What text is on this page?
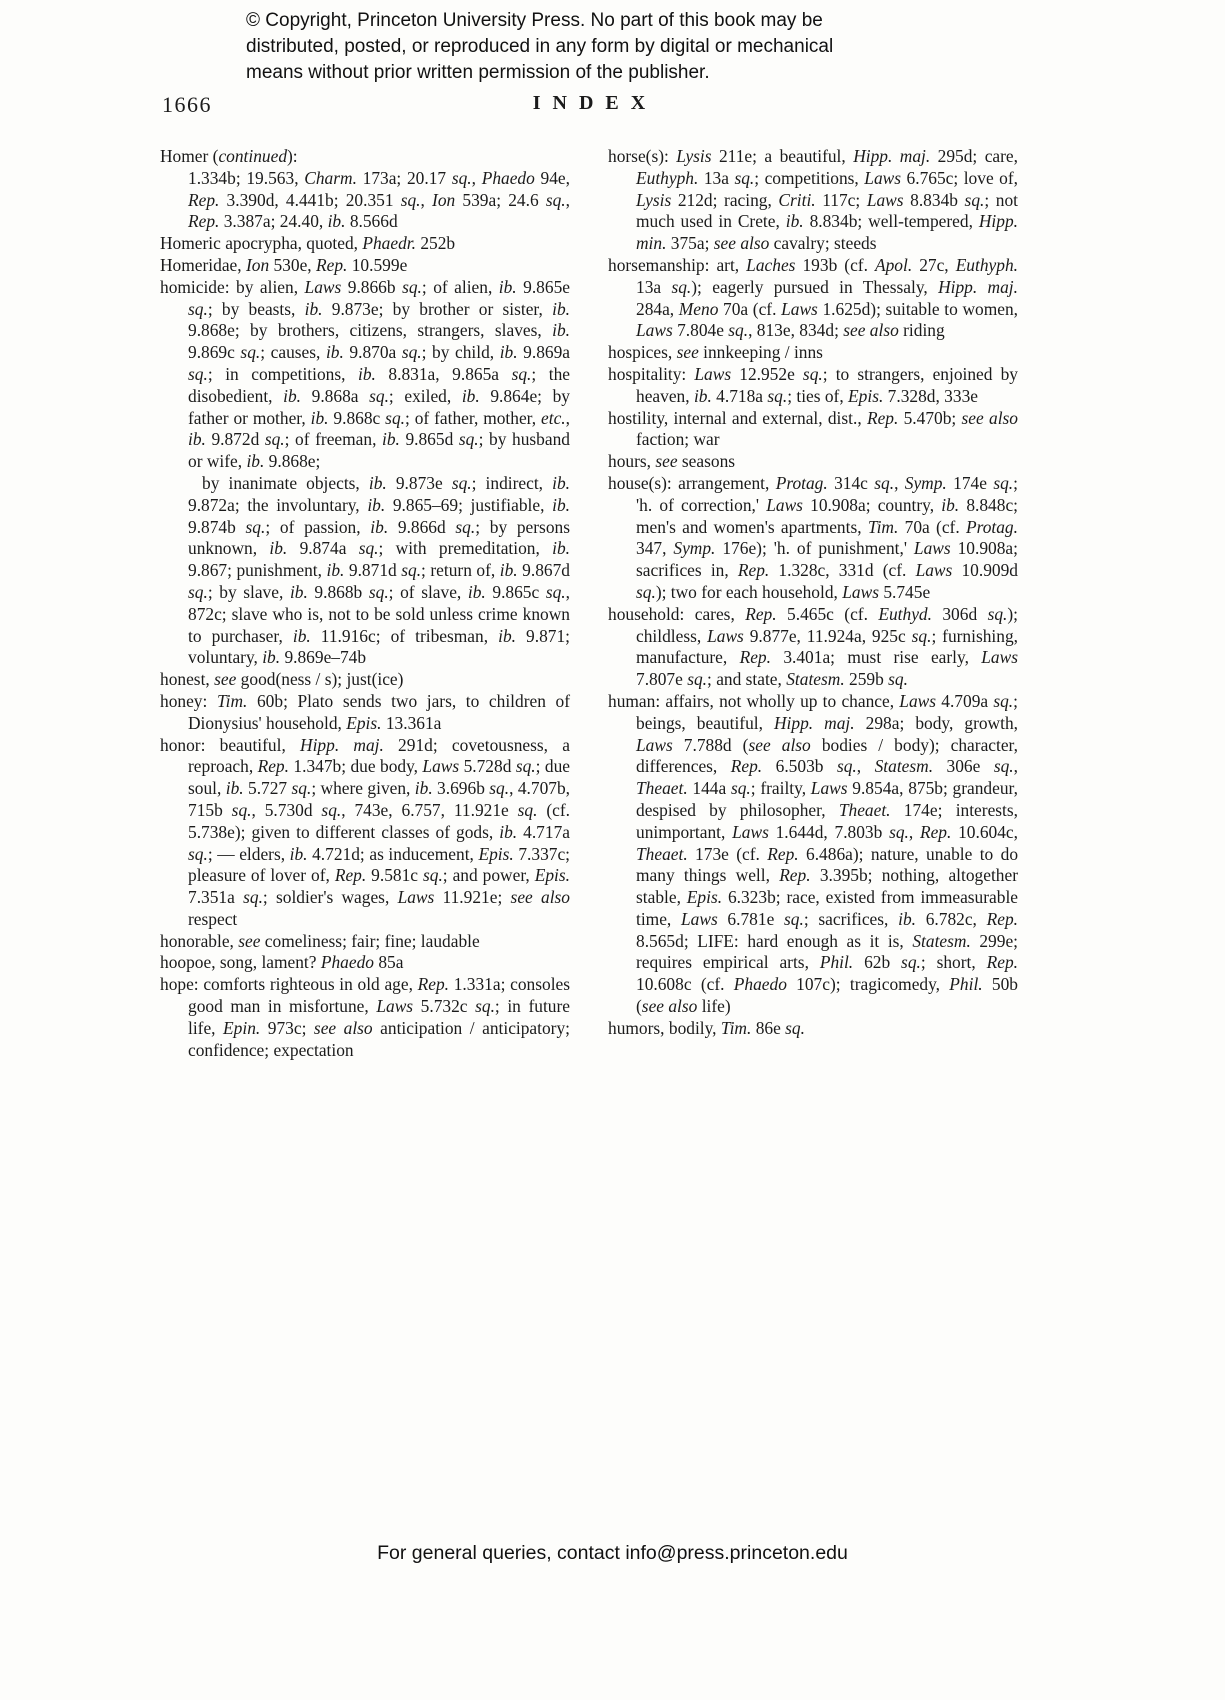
© Copyright, Princeton University Press. No part of this book may be
distributed, posted, or reproduced in any form by digital or mechanical
means without prior written permission of the publisher.
1666	INDEX

Homer (continued):

1.334b; 19.563, Charm. 173a; 20.17 sq., Phaedo 94e, Rep. 3.390d, 4.441b; 20.351 sq., Ion 539a; 24.6 sq., Rep. 3.387a; 24.40, ib. 8.566d

Homeric apocrypha, quoted, Phaedr. 252b

Homeridae, Ion 530e, Rep. 10.599e

homicide: by alien, Laws 9.866b sq.; of alien, ib. 9.865e sq.; by beasts, ib. 9.873e; by brother or sister, ib. 9.868e; by brothers, citizens, strangers, slaves, ib. 9.869c sq.; causes, ib. 9.870a sq.; by child, ib. 9.869a sq.; in competitions, ib. 8.831a, 9.865a sq.; the disobedient, ib. 9.868a sq.; exiled, ib. 9.864e; by father or mother, ib. 9.868c sq.; of father, mother, etc., ib. 9.872d sq.; of freeman, ib. 9.865d sq.; by husband or wife, ib. 9.868e;

by inanimate objects, ib. 9.873e sq.; indirect, ib. 9.872a; the involuntary, ib. 9.865–69; justifiable, ib. 9.874b sq.; of passion, ib. 9.866d sq.; by persons unknown, ib. 9.874a sq.; with premeditation, ib. 9.867; punishment, ib. 9.871d sq.; return of, ib. 9.867d sq.; by slave, ib. 9.868b sq.; of slave, ib. 9.865c sq., 872c; slave who is, not to be sold unless crime known to purchaser, ib. 11.916c; of tribesman, ib. 9.871; voluntary, ib. 9.869e–74b

honest, see good(ness / s); just(ice)

honey: Tim. 60b; Plato sends two jars, to children of Dionysius' household, Epis. 13.361a

honor: beautiful, Hipp. maj. 291d; covetousness, a reproach, Rep. 1.347b; due body, Laws 5.728d sq.; due soul, ib. 5.727 sq.; where given, ib. 3.696b sq., 4.707b, 715b sq., 5.730d sq., 743e, 6.757, 11.921e sq. (cf. 5.738e); given to different classes of gods, ib. 4.717a sq.; — elders, ib. 4.721d; as inducement, Epis. 7.337c; pleasure of lover of, Rep. 9.581c sq.; and power, Epis. 7.351a sq.; soldier's wages, Laws 11.921e; see also respect

honorable, see comeliness; fair; fine; laudable

hoopoe, song, lament? Phaedo 85a

hope: comforts righteous in old age, Rep. 1.331a; consoles good man in misfortune, Laws 5.732c sq.; in future life, Epin. 973c; see also anticipation / anticipatory; confidence; expectation

horse(s): Lysis 211e; a beautiful, Hipp. maj. 295d; care, Euthyph. 13a sq.; competitions, Laws 6.765c; love of, Lysis 212d; racing, Criti. 117c; Laws 8.834b sq.; not much used in Crete, ib. 8.834b; well-tempered, Hipp. min. 375a; see also cavalry; steeds

horsemanship: art, Laches 193b (cf. Apol. 27c, Euthyph. 13a sq.); eagerly pursued in Thessaly, Hipp. maj. 284a, Meno 70a (cf. Laws 1.625d); suitable to women, Laws 7.804e sq., 813e, 834d; see also riding

hospices, see innkeeping / inns

hospitality: Laws 12.952e sq.; to strangers, enjoined by heaven, ib. 4.718a sq.; ties of, Epis. 7.328d, 333e

hostility, internal and external, dist., Rep. 5.470b; see also faction; war

hours, see seasons

house(s): arrangement, Protag. 314c sq., Symp. 174e sq.; 'h. of correction,' Laws 10.908a; country, ib. 8.848c; men's and women's apartments, Tim. 70a (cf. Protag. 347, Symp. 176e); 'h. of punishment,' Laws 10.908a; sacrifices in, Rep. 1.328c, 331d (cf. Laws 10.909d sq.); two for each household, Laws 5.745e

household: cares, Rep. 5.465c (cf. Euthyd. 306d sq.); childless, Laws 9.877e, 11.924a, 925c sq.; furnishing, manufacture, Rep. 3.401a; must rise early, Laws 7.807e sq.; and state, Statesm. 259b sq.

human: affairs, not wholly up to chance, Laws 4.709a sq.; beings, beautiful, Hipp. maj. 298a; body, growth, Laws 7.788d (see also bodies / body); character, differences, Rep. 6.503b sq., Statesm. 306e sq., Theaet. 144a sq.; frailty, Laws 9.854a, 875b; grandeur, despised by philosopher, Theaet. 174e; interests, unimportant, Laws 1.644d, 7.803b sq., Rep. 10.604c, Theaet. 173e (cf. Rep. 6.486a); nature, unable to do many things well, Rep. 3.395b; nothing, altogether stable, Epis. 6.323b; race, existed from immeasurable time, Laws 6.781e sq.; sacrifices, ib. 6.782c, Rep. 8.565d; LIFE: hard enough as it is, Statesm. 299e; requires empirical arts, Phil. 62b sq.; short, Rep. 10.608c (cf. Phaedo 107c); tragicomedy, Phil. 50b (see also life)

humors, bodily, Tim. 86e sq.

For general queries, contact info@press.princeton.edu
